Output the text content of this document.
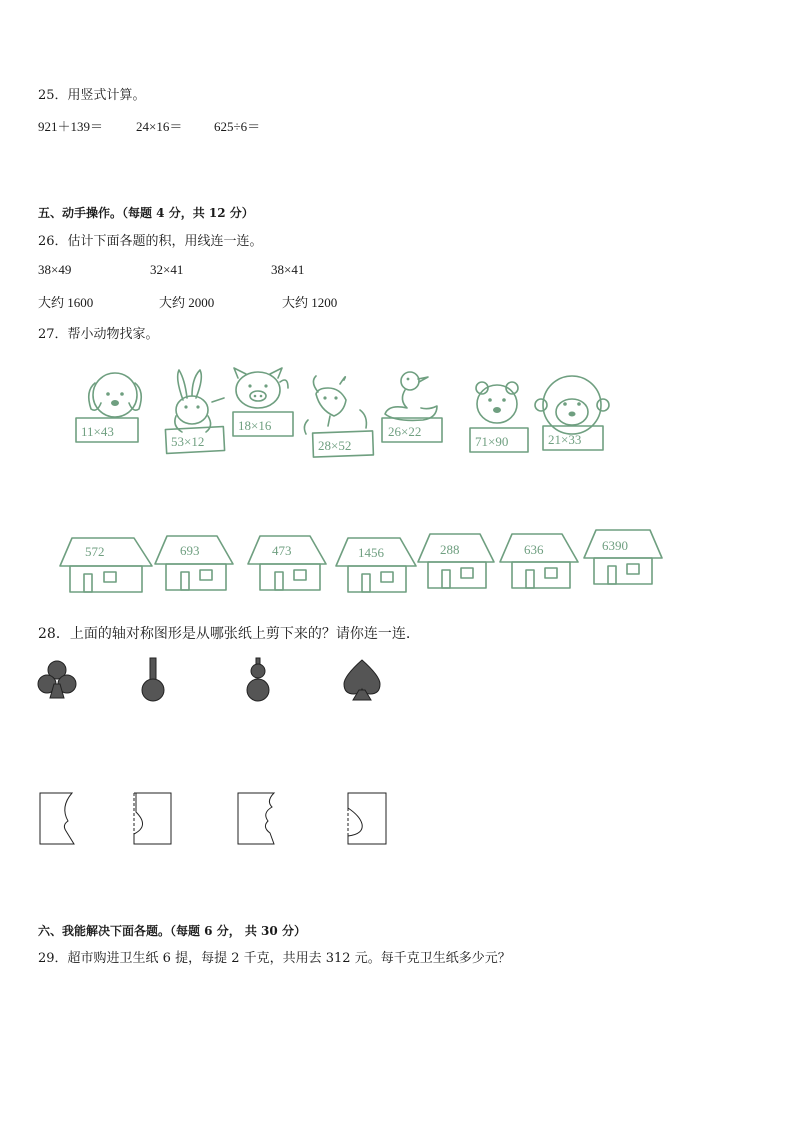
25．用竖式计算。
921＋139＝	24×16＝ 625÷6＝
五、动手操作。（每题 4 分，共 12 分）
26．估计下面各题的积，用线连一连。
38×49	32×41	38×41
大约 1600	大约 2000	大约 1200
27．帮小动物找家。
11×43
53×12
18×16
28×52
26×22
71×90	21×33
572	693	473	1456	288	636	6390
28．上面的轴对称图形是从哪张纸上剪下来的？请你连一连.
六、我能解决下面各题。（每题 6 分， 共 30 分）
29．超市购进卫生纸 6 提，每提 2 千克，共用去 312 元。每千克卫生纸多少元？
